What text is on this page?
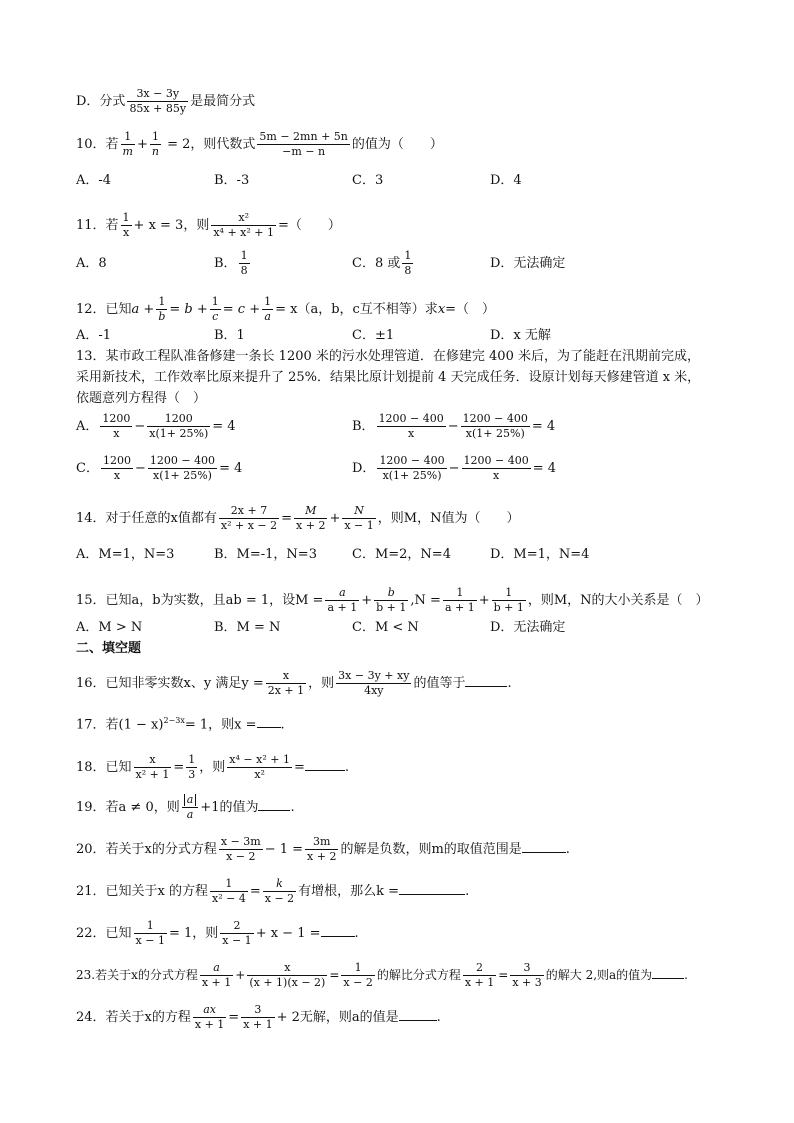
D．分式 $\frac{3x - 3y}{85x + 85y}$ 是最简分式
10．若 $\frac{1}{m} + \frac{1}{n} = 2$，则代数式 $\frac{5m - 2mn + 5n}{-m - n}$ 的值为（　　）
A．-4	B．-3	C．3	D．4
11．若 $\frac{1}{x} + x = 3$，则 $\frac{\text{x²}}{\text{x⁴ + x² + 1}}$ =（　　）
A．8	B． $\frac{1}{8}$	C．8 或 $\frac{1}{8}$	D．无法确定
12．已知$a + \frac{1}{b} = b + \frac{1}{c} = c + \frac{1}{a} = x(a$，b，c互不相等）求x=（　）
A．-1	B．1	C．±1	D．x 无解
13．某市政工程队准备修建一条长 1200 米的污水处理管道．在修建完 400 米后，为了能赶在汛期前完成，
采用新技术，工作效率比原来提升了 25%．结果比原计划提前 4 天完成任务．设原计划每天修建管道 x 米，
依题意列方程得（　）
A． $\frac{1200}{x} - \frac{1200}{x(1+ 25\%)} = 4$	B． $\frac{1200 - 400}{x} - \frac{1200 - 400}{x(1+ 25\%)} = 4$
C． $\frac{1200}{x} - \frac{1200 - 400}{x(1+ 25\%)} = 4$	D． $\frac{1200 - 400}{x(1+ 25\%)} - \frac{1200 - 400}{x} = 4$
14．对于任意的x值都有 $\frac{2x + 7}{\text{x² + x − 2}} = \frac{M}{x + 2} + \frac{N}{x - 1}$ ，则M，N值为（　　）
A．M=1，N=3	B．M=-1，N=3	C．M=2，N=4	D．M=1，N=4
15．已知a，b为实数，且ab = 1，设$M = \frac{a}{a + 1} + \frac{b}{b + 1} ,N = \frac{1}{a + 1} + \frac{1}{b + 1}$ ，则M，N的大小关系是（　）
A．M > N	B．M = N	C．M < N	D．无法确定
二、填空题
16．已知非零实数x、y 满足$y = \frac{x}{2x + 1}$ ，则 $\frac{3x - 3y + xy}{4xy}$ 的值等于	.
17．若$(1 - x)^{2-3x}= 1$，则x = .
18．已知 $\frac{x}{\text{x² + 1}} = \frac{1}{3}$ ，则 $\frac{\text{x⁴ − x² + 1}}{\text{x²}}$ =	.
19．若a ≠ 0，则 $\frac{a}{a} +1$的值为 .
20．若关于x的分式方程 $\frac{x - 3m}{x - 2} - 1 = \frac{3m}{x + 2}$ 的解是负数，则m的取值范围是	.
21．已知关于x 的方程 $\frac{1}{\text{x² − 4}} = \frac{k}{x - 2}$ 有增根，那么k =	.
22．已知 $\frac{1}{x - 1} = 1$，则 $\frac{2}{x - 1} + x - 1$ =	.
23.若关于x的分式方程 $\frac{a}{x + 1} + \frac{x}{(x + 1)(x - 2)} = \frac{1}{x - 2}$ 的解比分式方程 $\frac{2}{x + 1} = \frac{3}{x + 3}$ 的解大 2,则a的值为	.
24．若关于x的方程 $\frac{ax}{x + 1} = \frac{3}{x + 1} + 2$无解，则a的值是	.
